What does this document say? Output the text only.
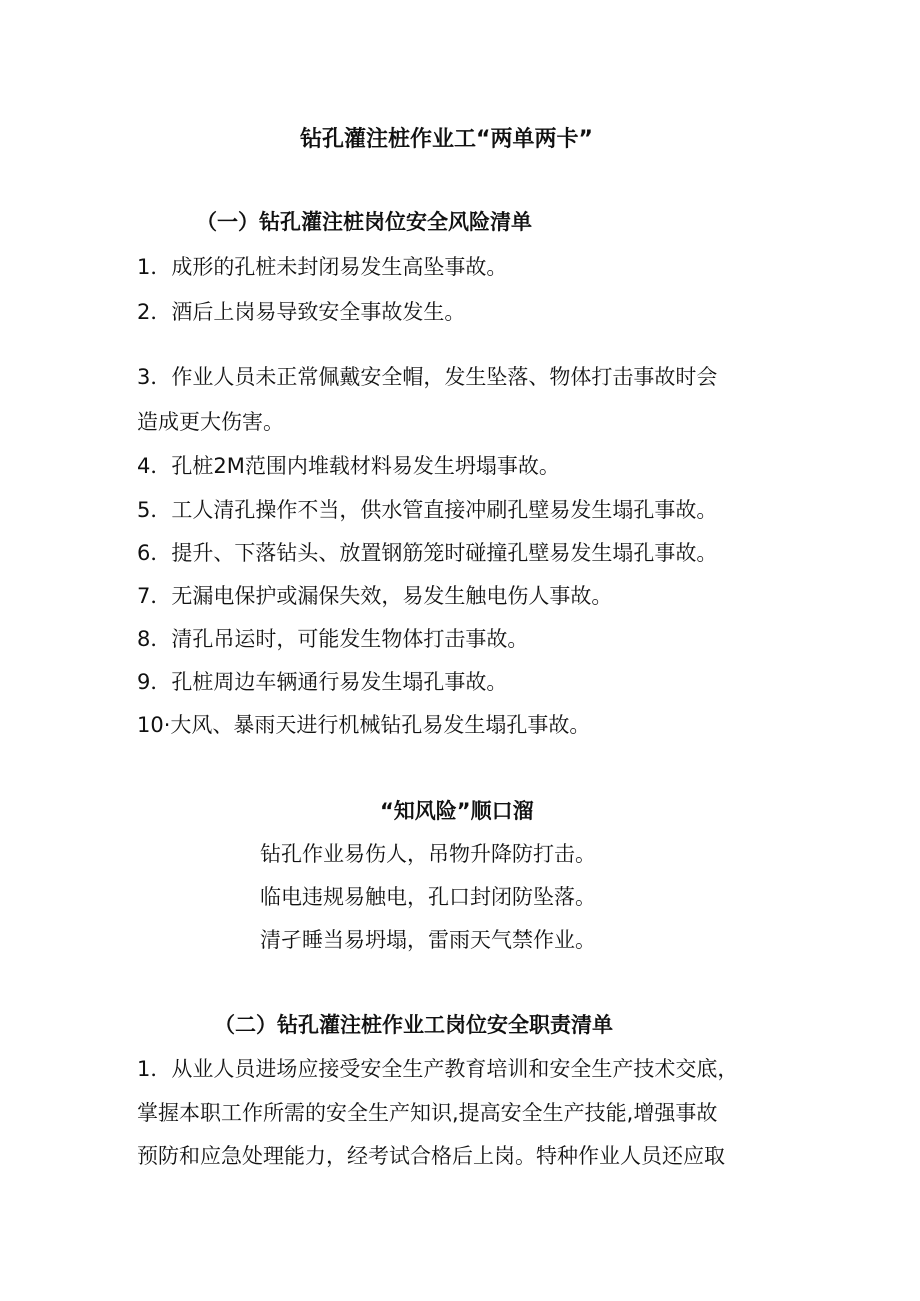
钻孔灌注桩作业工“两单两卡”
（一）钻孔灌注桩岗位安全风险清单
1．成形的孔桩未封闭易发生高坠事故。
2．酒后上岗易导致安全事故发生。
3．作业人员未正常佩戴安全帽，发生坠落、物体打击事故时会
造成更大伤害。
4．孔桩2M范围内堆载材料易发生坍塌事故。
5．工人清孔操作不当，供水管直接冲刷孔壁易发生塌孔事故。
6．提升、下落钻头、放置钢筋笼时碰撞孔壁易发生塌孔事故。
7．无漏电保护或漏保失效，易发生触电伤人事故。
8．清孔吊运时，可能发生物体打击事故。
9．孔桩周边车辆通行易发生塌孔事故。
10·大风、暴雨天进行机械钻孔易发生塌孔事故。
“知风险”顺口溜
钻孔作业易伤人，吊物升降防打击。
临电违规易触电，孔口封闭防坠落。
清孑睡当易坍塌，雷雨天气禁作业。
（二）钻孔灌注桩作业工岗位安全职责清单
1．从业人员进场应接受安全生产教育培训和安全生产技术交底，
掌握本职工作所需的安全生产知识,提高安全生产技能,增强事故
预防和应急处理能力，经考试合格后上岗。特种作业人员还应取
